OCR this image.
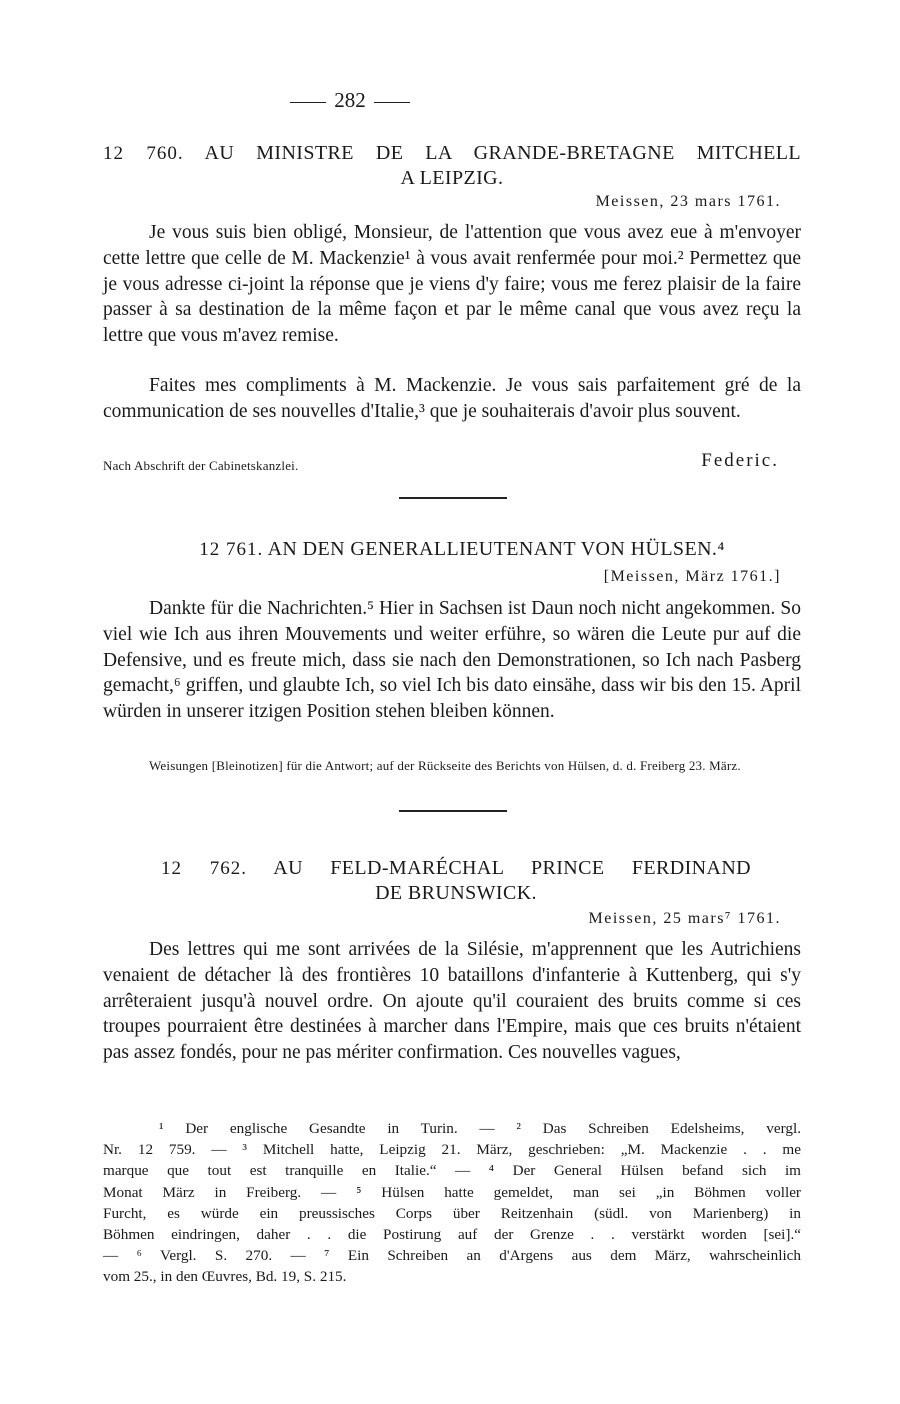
282
12 760. AU MINISTRE DE LA GRANDE-BRETAGNE MITCHELL
A LEIPZIG.
Meissen, 23 mars 1761.
Je vous suis bien obligé, Monsieur, de l'attention que vous avez eue à m'envoyer cette lettre que celle de M. Mackenzie¹ à vous avait renfermée pour moi.² Permettez que je vous adresse ci-joint la réponse que je viens d'y faire; vous me ferez plaisir de la faire passer à sa destination de la même façon et par le même canal que vous avez reçu la lettre que vous m'avez remise.
Faites mes compliments à M. Mackenzie. Je vous sais parfaitement gré de la communication de ses nouvelles d'Italie,³ que je souhaiterais d'avoir plus souvent.
Nach Abschrift der Cabinetskanzlei.	Federic.
12 761. AN DEN GENERALLIEUTENANT VON HÜLSEN.⁴
[Meissen, März 1761.]
Dankte für die Nachrichten.⁵ Hier in Sachsen ist Daun noch nicht angekommen. So viel wie Ich aus ihren Mouvements und weiter erführe, so wären die Leute pur auf die Defensive, und es freute mich, dass sie nach den Demonstrationen, so Ich nach Pasberg gemacht,⁶ griffen, und glaubte Ich, so viel Ich bis dato einsähe, dass wir bis den 15. April würden in unserer itzigen Position stehen bleiben können.
Weisungen [Bleinotizen] für die Antwort; auf der Rückseite des Berichts von Hülsen, d. d. Freiberg 23. März.
12 762. AU FELD-MARÉCHAL PRINCE FERDINAND
DE BRUNSWICK.
Meissen, 25 mars⁷ 1761.
Des lettres qui me sont arrivées de la Silésie, m'apprennent que les Autrichiens venaient de détacher là des frontières 10 bataillons d'infanterie à Kuttenberg, qui s'y arrêteraient jusqu'à nouvel ordre. On ajoute qu'il couraient des bruits comme si ces troupes pourraient être destinées à marcher dans l'Empire, mais que ces bruits n'étaient pas assez fondés, pour ne pas mériter confirmation. Ces nouvelles vagues,
¹ Der englische Gesandte in Turin. — ² Das Schreiben Edelsheims, vergl.
Nr. 12 759. — ³ Mitchell hatte, Leipzig 21. März, geschrieben: „M. Mackenzie . . me
marque que tout est tranquille en Italie.“ — ⁴ Der General Hülsen befand sich im
Monat März in Freiberg. — ⁵ Hülsen hatte gemeldet, man sei „in Böhmen voller
Furcht, es würde ein preussisches Corps über Reitzenhain (südl. von Marienberg) in
Böhmen eindringen, daher . . die Postirung auf der Grenze . . verstärkt worden [sei].“
— ⁶ Vergl. S. 270. — ⁷ Ein Schreiben an d'Argens aus dem März, wahrscheinlich
vom 25., in den Œuvres, Bd. 19, S. 215.
